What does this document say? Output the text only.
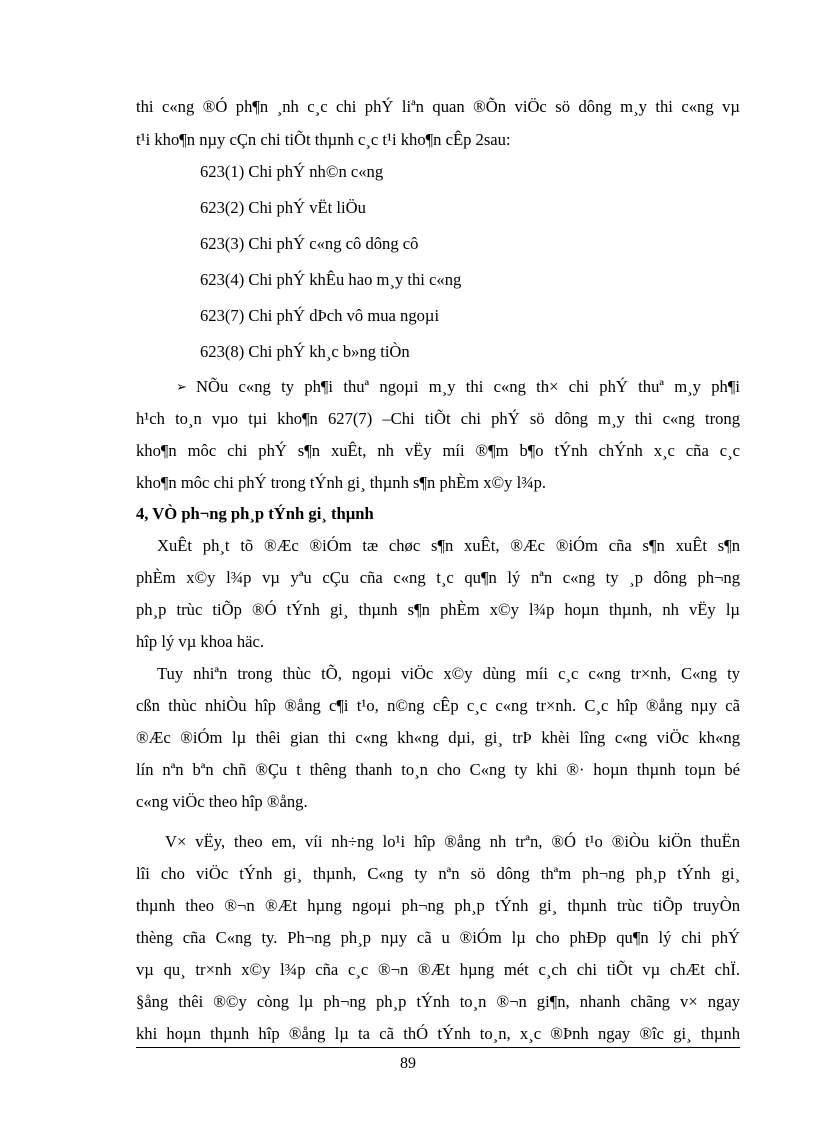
thi c«ng ®Ó ph¶n ¸nh c¸c chi phÝ liªn quan ®Õn viÖc sö dông m¸y thi c«ng vµ
t¹i kho¶n nµy cÇn chi tiÕt thµnh c¸c t¹i kho¶n cÊp 2sau:
623(1) Chi phÝ nh©n c«ng
623(2) Chi phÝ vËt liÖu
623(3) Chi phÝ c«ng cô dông cô
623(4) Chi phÝ khÊu hao m¸y thi c«ng
623(7) Chi phÝ dÞch vô mua ngoµi
623(8) Chi phÝ kh¸c b»ng tiÒn
➢ NÕu c«ng ty ph¶i thuª ngoµi m¸y thi c«ng th× chi phÝ thuª m¸y ph¶i
h¹ch to¸n vµo tµi kho¶n 627(7) –Chi tiÕt chi phÝ sö dông m¸y thi c«ng trong
kho¶n môc chi phÝ s¶n xuÊt, nh vËy míi ®¶m b¶o tÝnh chÝnh x¸c cña c¸c
kho¶n môc chi phÝ trong tÝnh gi¸ thµnh s¶n phÈm x©y l¾p.
4, VÒ ph¬ng ph¸p tÝnh gi¸ thµnh
XuÊt ph¸t tõ ®Æc ®iÓm tæ chøc s¶n xuÊt, ®Æc ®iÓm cña s¶n xuÊt s¶n
phÈm x©y l¾p vµ yªu cÇu cña c«ng t¸c qu¶n lý nªn c«ng ty ¸p dông ph¬ng
ph¸p trùc tiÕp ®Ó tÝnh gi¸ thµnh s¶n phÈm x©y l¾p hoµn thµnh, nh vËy lµ
hîp lý vµ khoa häc.
Tuy nhiªn trong thùc tÕ, ngoµi viÖc x©y dùng míi c¸c c«ng tr×nh, C«ng ty
cßn thùc nhiÒu hîp ®ång c¶i t¹o, n©ng cÊp c¸c c«ng tr×nh. C¸c hîp ®ång nµy cã
®Æc ®iÓm lµ thêi gian thi c«ng kh«ng dµi, gi¸ trÞ khèi lîng c«ng viÖc kh«ng
lín nªn bªn chñ ®Çu t thêng thanh to¸n cho C«ng ty khi ®· hoµn thµnh toµn bé
c«ng viÖc theo hîp ®ång.
V× vËy, theo em, víi nh÷ng lo¹i hîp ®ång nh trªn, ®Ó t¹o ®iÒu kiÖn thuËn
lîi cho viÖc tÝnh gi¸ thµnh, C«ng ty nªn sö dông thªm ph¬ng ph¸p tÝnh gi¸
thµnh theo ®¬n ®Æt hµng ngoµi ph¬ng ph¸p tÝnh gi¸ thµnh trùc tiÕp truyÒn
thèng cña C«ng ty. Ph¬ng ph¸p nµy cã u ®iÓm lµ cho phÐp qu¶n lý chi phÝ
vµ qu¸ tr×nh x©y l¾p cña c¸c ®¬n ®Æt hµng mét c¸ch chi tiÕt vµ chÆt chÏ.
§ång thêi ®©y còng lµ ph¬ng ph¸p tÝnh to¸n ®¬n gi¶n, nhanh chãng v× ngay
khi hoµn thµnh hîp ®ång lµ ta cã thÓ tÝnh to¸n, x¸c ®Þnh ngay ®îc gi¸ thµnh
89
